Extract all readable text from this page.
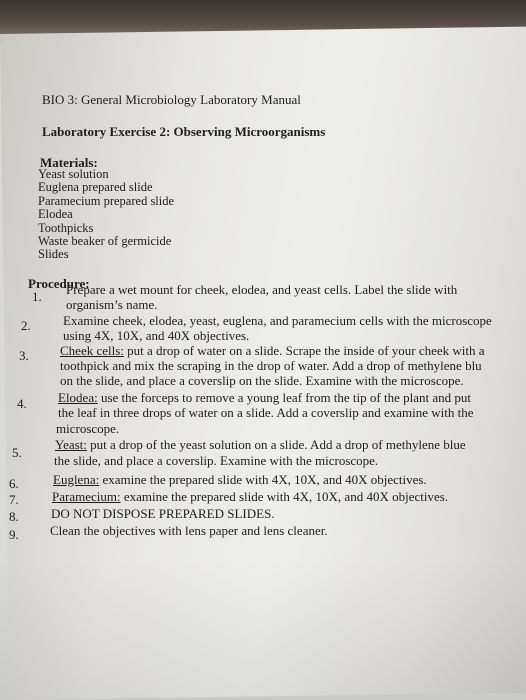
BIO 3: General Microbiology Laboratory Manual
Laboratory Exercise 2: Observing Microorganisms
Materials:
Yeast solution
Euglena prepared slide
Paramecium prepared slide
Elodea
Toothpicks
Waste beaker of germicide
Slides
Procedure:
1. Prepare a wet mount for cheek, elodea, and yeast cells. Label the slide with
organism’s name.
2. Examine cheek, elodea, yeast, euglena, and paramecium cells with the microscope
using 4X, 10X, and 40X objectives.
3. Cheek cells: put a drop of water on a slide. Scrape the inside of your cheek with a
toothpick and mix the scraping in the drop of water. Add a drop of methylene blu
on the slide, and place a coverslip on the slide. Examine with the microscope.
4. Elodea: use the forceps to remove a young leaf from the tip of the plant and put
the leaf in three drops of water on a slide. Add a coverslip and examine with the
microscope.
5.
Yeast: put a drop of the yeast solution on a slide. Add a drop of methylene blue
the slide, and place a coverslip. Examine with the microscope.
6.	Euglena: examine the prepared slide with 4X, 10X, and 40X objectives.
7.	Paramecium: examine the prepared slide with 4X, 10X, and 40X objectives.
8. DO NOT DISPOSE PREPARED SLIDES.
9. Clean the objectives with lens paper and lens cleaner.
